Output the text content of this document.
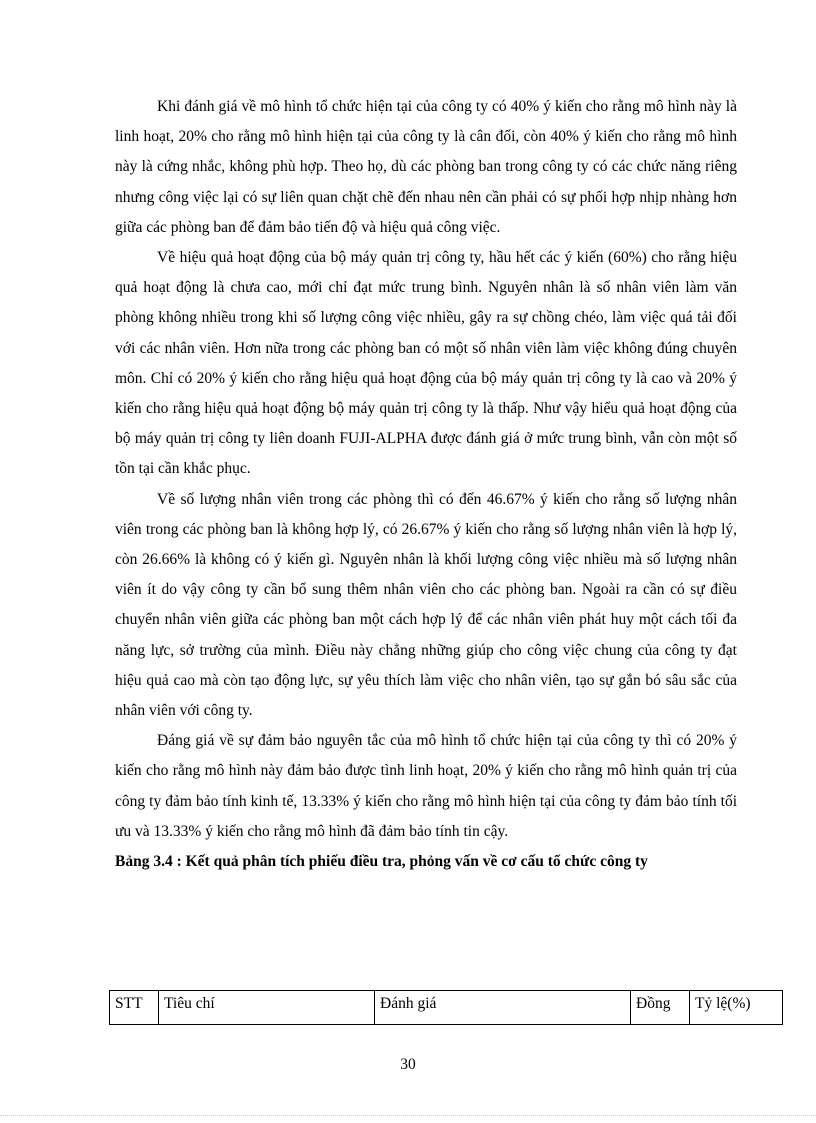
Khi đánh giá về mô hình tổ chức hiện tại của công ty có 40% ý kiến cho rằng mô hình này là linh hoạt, 20% cho rằng mô hình hiện tại của công ty là cân đối, còn 40% ý kiến cho rằng mô hình này là cứng nhắc, không phù hợp. Theo họ, dù các phòng ban trong công ty có các chức năng riêng nhưng công việc lại có sự liên quan chặt chẽ đến nhau nên cần phải có sự phối hợp nhịp nhàng hơn giữa các phòng ban để đảm bảo tiến độ và hiệu quả công việc.

Về hiệu quả hoạt động của bộ máy quản trị công ty, hầu hết các ý kiến (60%) cho rằng hiệu quả hoạt động là chưa cao, mới chỉ đạt mức trung bình. Nguyên nhân là số nhân viên làm văn phòng không nhiều trong khi số lượng công việc nhiều, gây ra sự chồng chéo, làm việc quá tải đối với các nhân viên. Hơn nữa trong các phòng ban có một số nhân viên làm việc không đúng chuyên môn. Chỉ có 20% ý kiến cho rằng hiệu quả hoạt động của bộ máy quản trị công ty là cao và 20% ý kiến cho rằng hiệu quả hoạt động bộ máy quản trị công ty là thấp. Như vậy hiểu quả hoạt động của bộ máy quản trị công ty liên doanh FUJI-ALPHA được đánh giá ở mức trung bình, vẫn còn một số tồn tại cần khắc phục.

Về số lượng nhân viên trong các phòng thì có đến 46.67% ý kiến cho rằng số lượng nhân viên trong các phòng ban là không hợp lý, có 26.67% ý kiến cho rằng số lượng nhân viên là hợp lý, còn 26.66% là không có ý kiến gì. Nguyên nhân là khối lượng công việc nhiều mà số lượng nhân viên ít do vậy công ty cần bổ sung thêm nhân viên cho các phòng ban. Ngoài ra cần có sự điều chuyển nhân viên giữa các phòng ban một cách hợp lý để các nhân viên phát huy một cách tối đa năng lực, sở trường của mình. Điều này chẳng những giúp cho công việc chung của công ty đạt hiệu quả cao mà còn tạo động lực, sự yêu thích làm việc cho nhân viên, tạo sự gắn bó sâu sắc của nhân viên với công ty.

Đáng giá về sự đảm bảo nguyên tắc của mô hình tổ chức hiện tại của công ty thì có 20% ý kiến cho rằng mô hình này đảm bảo được tình linh hoạt, 20% ý kiến cho rằng mô hình quản trị của công ty đảm bảo tính kinh tế, 13.33% ý kiến cho rằng mô hình hiện tại của công ty đảm bảo tính tối ưu và 13.33% ý kiến cho rằng mô hình đã đảm bảo tính tin cậy.

Bảng 3.4 : Kết quả phân tích phiếu điều tra, phỏng vấn về cơ cấu tổ chức công ty

STT	Tiêu chí	Đánh giá	Đồng	Tỷ lệ(%)
30
